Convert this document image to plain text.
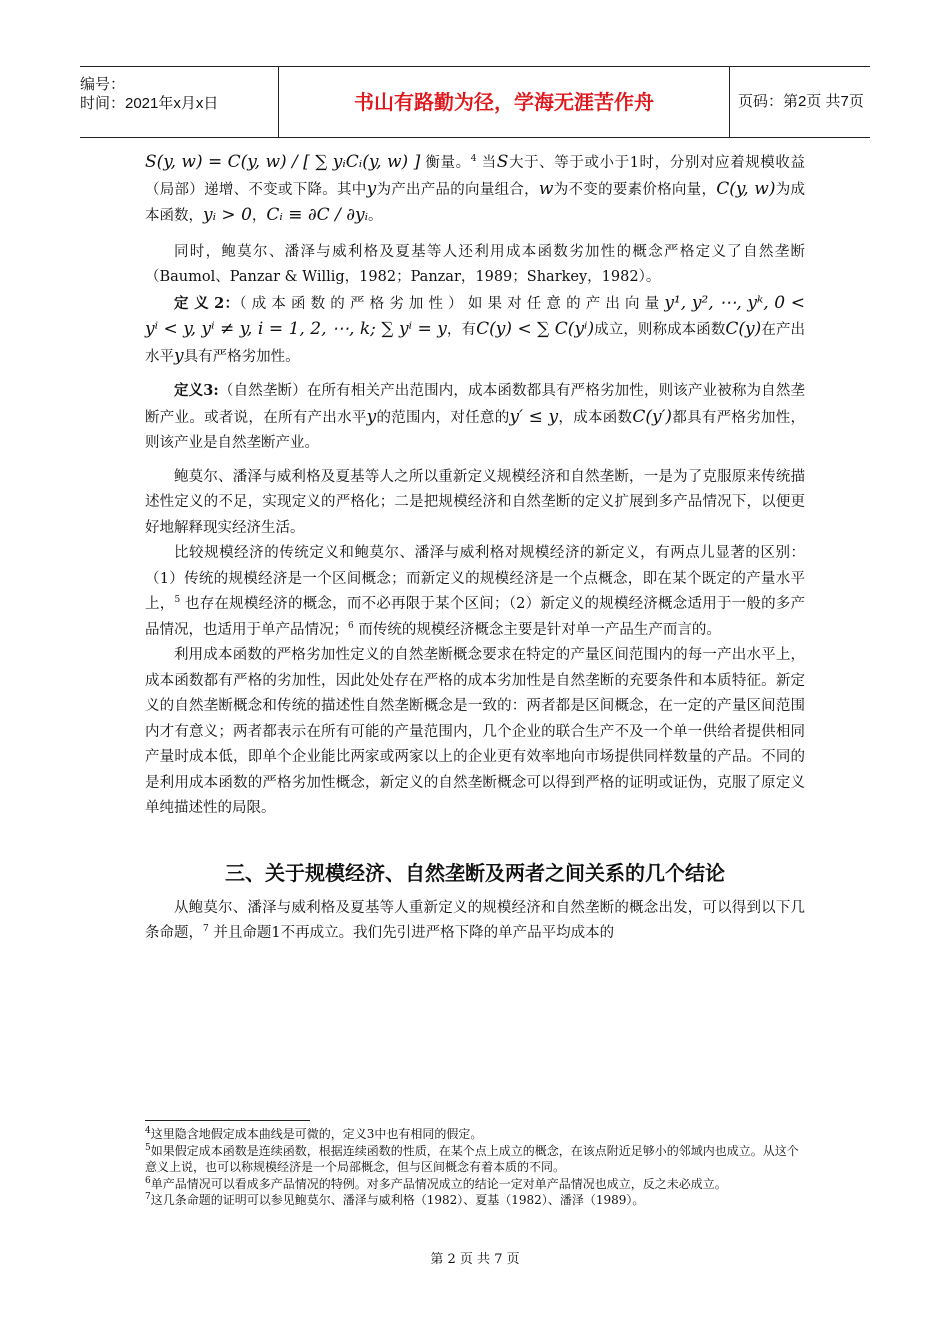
编号：
时间：2021年x月x日	书山有路勤为径，学海无涯苦作舟	页码：第2页 共7页

S(y, w) = C(y, w) / [ ∑ yᵢCᵢ(y, w) ] 衡量。$^4$ 当S大于、等于或小于1时，分别对应着规模收益（局部）递增、不变或下降。其中y为产出产品的向量组合，w为不变的要素价格向量，C(y, w)为成本函数，yᵢ > 0，Cᵢ ≡ ∂C / ∂yᵢ。

同时，鲍莫尔、潘泽与威利格及夏基等人还利用成本函数劣加性的概念严格定义了自然垄断（Baumol、Panzar & Willig，1982；Panzar，1989；Sharkey，1982）。

定 义 2：（ 成 本 函 数 的 严 格 劣 加 性 ） 如 果 对 任 意 的 产 出 向 量 y¹, y², ⋯, yᵏ, 0 < yⁱ < y, yⁱ ≠ y, i = 1, 2, ⋯, k; ∑ yⁱ = y，有C(y) < ∑ C(yⁱ)成立，则称成本函数C(y)在产出水平y具有严格劣加性。

定义3:（自然垄断）在所有相关产出范围内，成本函数都具有严格劣加性，则该产业被称为自然垄断产业。或者说，在所有产出水平y的范围内，对任意的y′ ≤ y，成本函数C(y′)都具有严格劣加性，则该产业是自然垄断产业。

鲍莫尔、潘泽与威利格及夏基等人之所以重新定义规模经济和自然垄断，一是为了克服原来传统描述性定义的不足，实现定义的严格化；二是把规模经济和自然垄断的定义扩展到多产品情况下，以便更好地解释现实经济生活。

比较规模经济的传统定义和鲍莫尔、潘泽与威利格对规模经济的新定义，有两点儿显著的区别：（1）传统的规模经济是一个区间概念；而新定义的规模经济是一个点概念，即在某个既定的产量水平上，$^5$ 也存在规模经济的概念，而不必再限于某个区间；（2）新定义的规模经济概念适用于一般的多产品情况，也适用于单产品情况；$^6$ 而传统的规模经济概念主要是针对单一产品生产而言的。

利用成本函数的严格劣加性定义的自然垄断概念要求在特定的产量区间范围内的每一产出水平上，成本函数都有严格的劣加性，因此处处存在严格的成本劣加性是自然垄断的充要条件和本质特征。新定义的自然垄断概念和传统的描述性自然垄断概念是一致的：两者都是区间概念，在一定的产量区间范围内才有意义；两者都表示在所有可能的产量范围内，几个企业的联合生产不及一个单一供给者提供相同产量时成本低，即单个企业能比两家或两家以上的企业更有效率地向市场提供同样数量的产品。不同的是利用成本函数的严格劣加性概念，新定义的自然垄断概念可以得到严格的证明或证伪，克服了原定义单纯描述性的局限。

三、关于规模经济、自然垄断及两者之间关系的几个结论

从鲍莫尔、潘泽与威利格及夏基等人重新定义的规模经济和自然垄断的概念出发，可以得到以下几条命题，$^7$ 并且命题1不再成立。我们先引进严格下降的单产品平均成本的

$^4$这里隐含地假定成本曲线是可微的，定义3中也有相同的假定。
$^5$如果假定成本函数是连续函数，根据连续函数的性质，在某个点上成立的概念，在该点附近足够小的邻域内也成立。从这个意义上说，也可以称规模经济是一个局部概念，但与区间概念有着本质的不同。
$^6$单产品情况可以看成多产品情况的特例。对多产品情况成立的结论一定对单产品情况也成立，反之未必成立。
$^7$这几条命题的证明可以参见鲍莫尔、潘泽与威利格（1982）、夏基（1982）、潘泽（1989）。
第 2 页 共 7 页
